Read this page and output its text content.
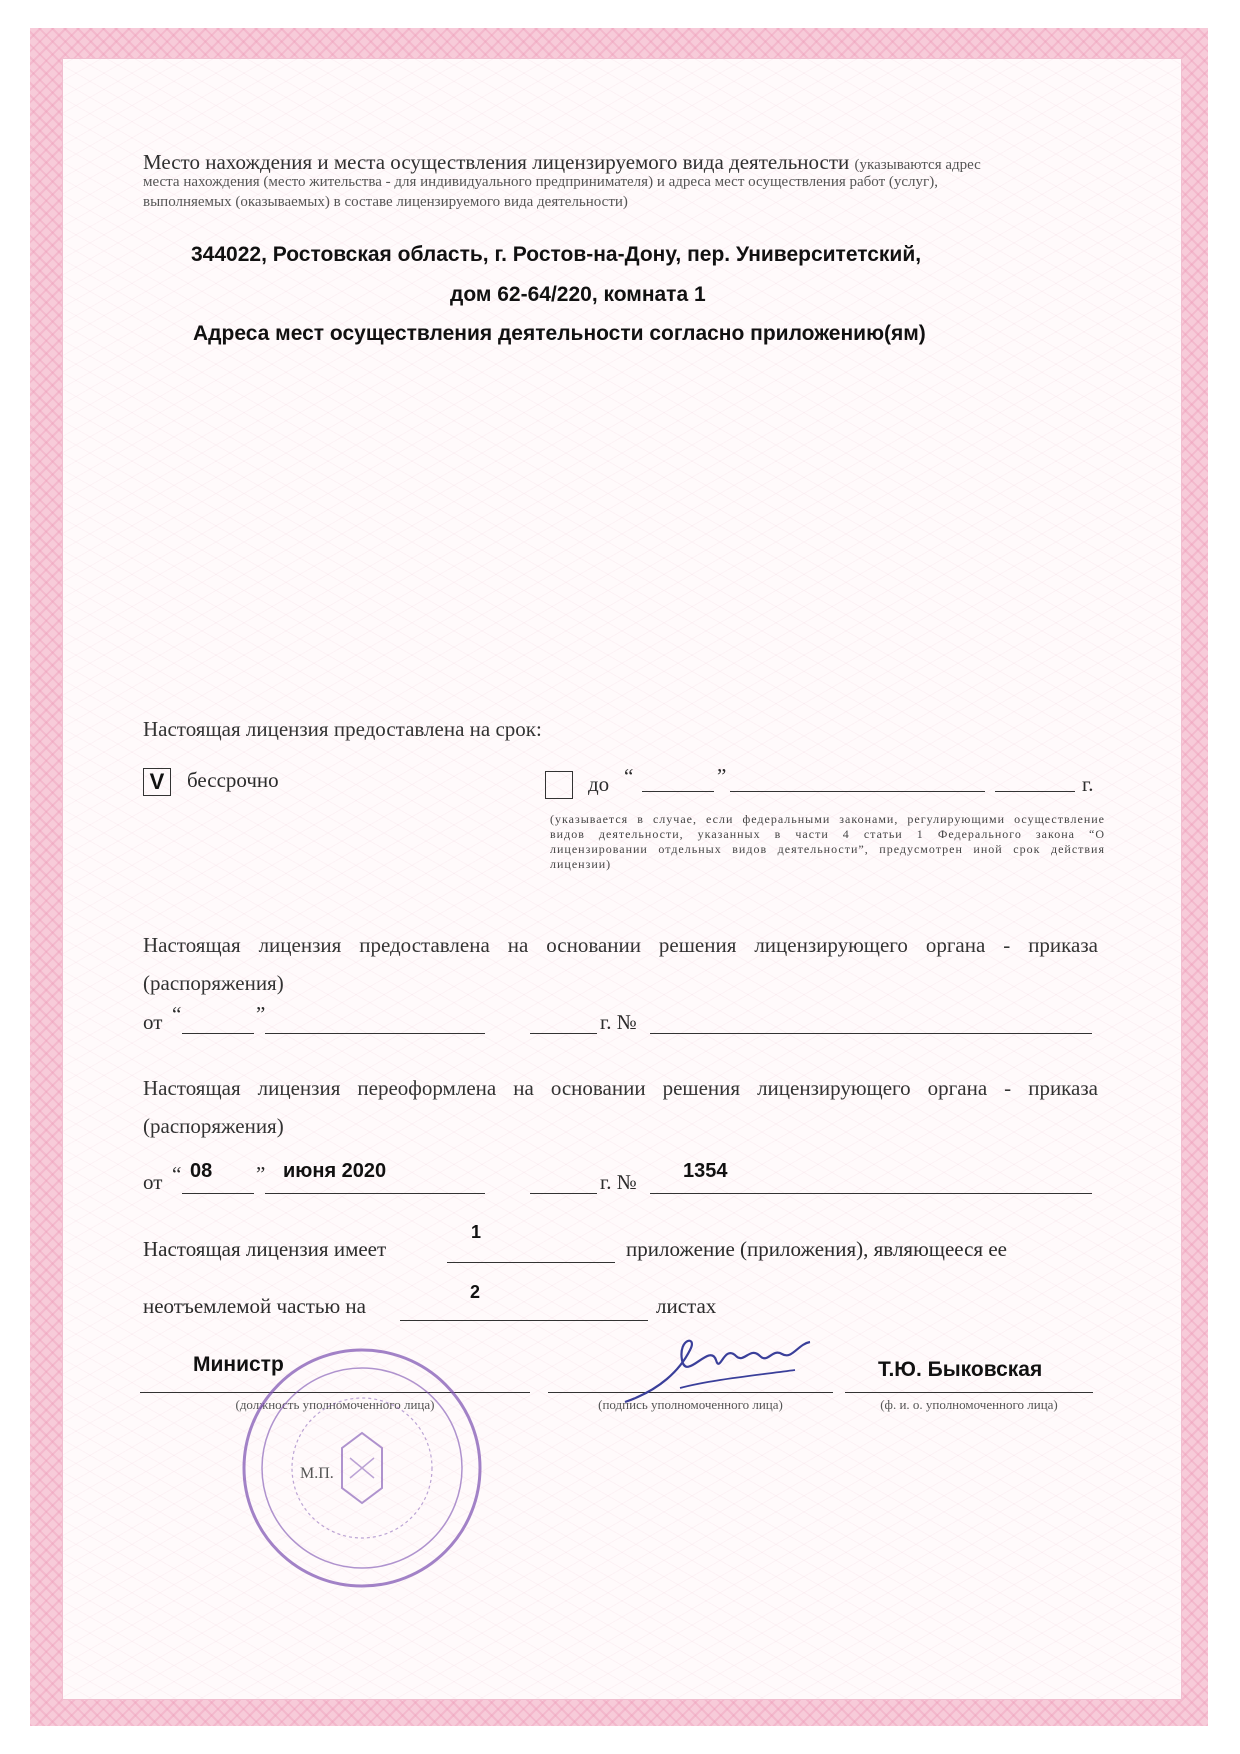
Место нахождения и места осуществления лицензируемого вида деятельности (указываются адрес
места нахождения (место жительства - для индивидуального предпринимателя) и адреса мест осуществления работ (услуг),
выполняемых (оказываемых) в составе лицензируемого вида деятельности)
344022, Ростовская область, г. Ростов-на-Дону, пер. Университетский,
дом 62-64/220, комната 1
Адреса мест осуществления деятельности согласно приложению(ям)
Настоящая лицензия предоставлена на срок:
V	бессрочно	до “	”	г.
(указывается в случае, если федеральными законами, регулирующими осуществление видов деятельности, указанных в части 4 статьи 1 Федерального закона “О лицензировании отдельных видов деятельности”, предусмотрен иной срок действия лицензии)
Настоящая лицензия предоставлена на основании решения лицензирующего органа - приказа (распоряжения)
от “	”	г. №
Настоящая лицензия переоформлена на основании решения лицензирующего органа - приказа (распоряжения)
от “ 08 ” июня 2020	г. № 1354
Настоящая лицензия имеет
1
приложение (приложения), являющееся ее
неотъемлемой частью на
2
листах
Министр
(должность уполномоченного лица)	(подпись уполномоченного лица)
Т.Ю. Быковская
(ф. и. о. уполномоченного лица)
М.П.
